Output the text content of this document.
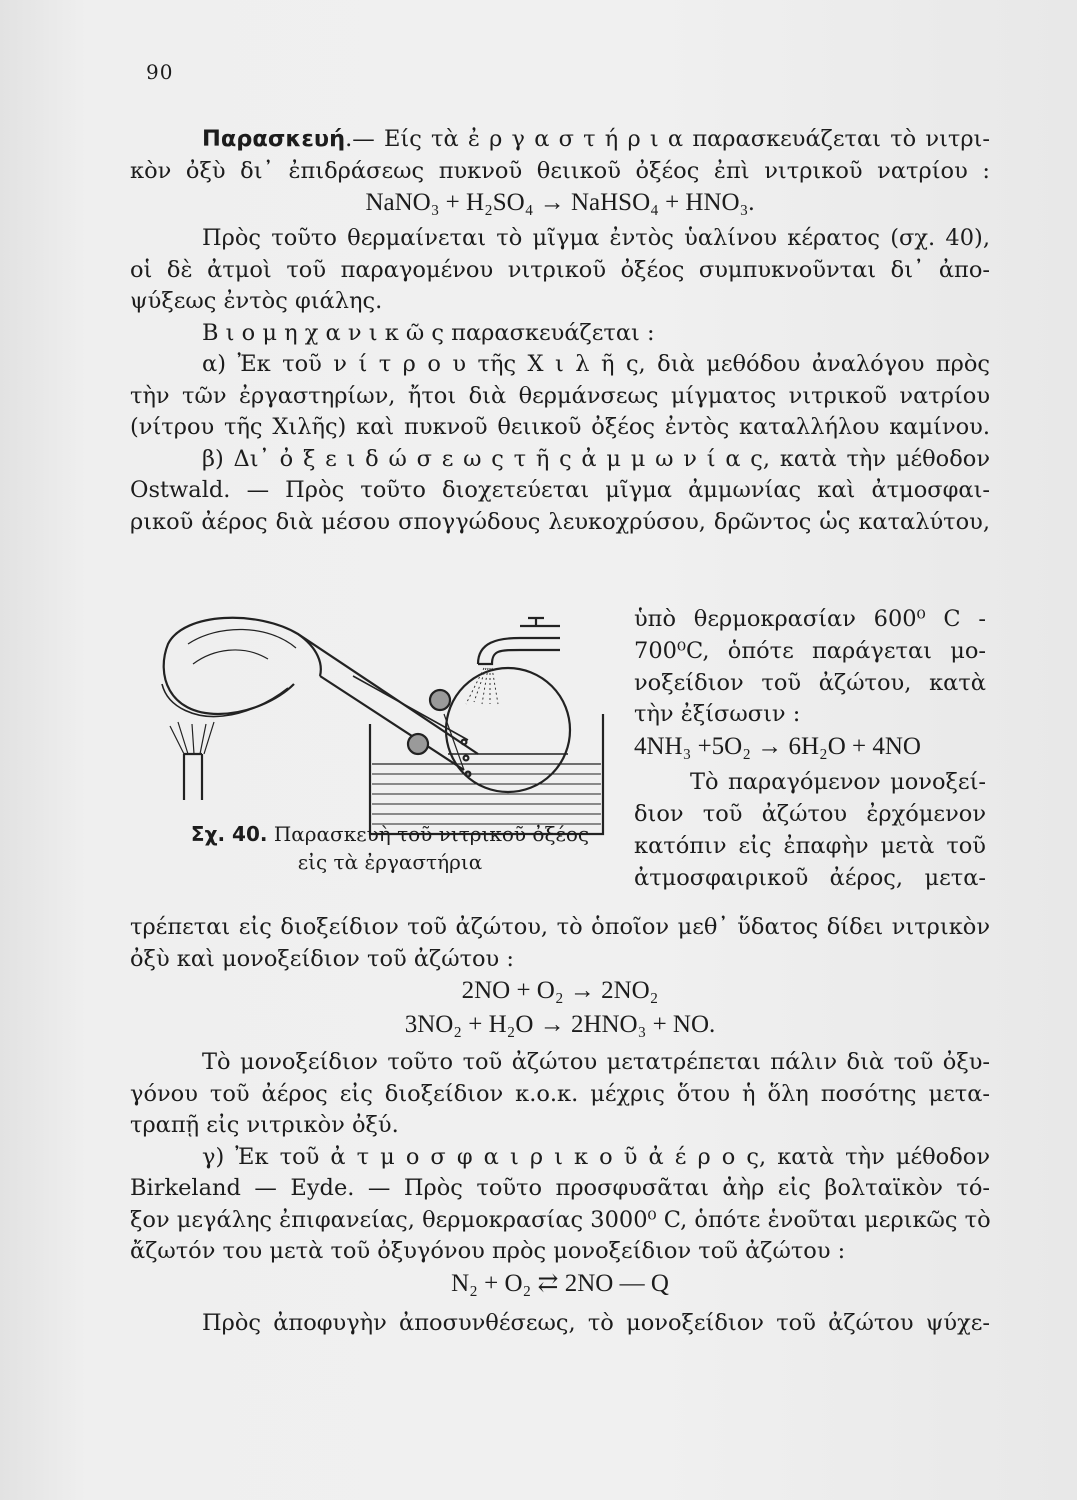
90
Παρασκευή.— Είς τὰ ἐ ρ γ α σ τ ή ρ ι α παρασκευάζεται τὸ νιτρι-
κὸν ὀξὺ δι᾽ ἐπιδράσεως πυκνοῦ θειικοῦ ὀξέος ἐπὶ νιτρικοῦ νατρίου :
NaNO₃ + H₂SO₄ → NaHSO₄ + HNO₃.
Πρὸς τοῦτο θερμαίνεται τὸ μῖγμα ἐντὸς ὑαλίνου κέρατος (σχ. 40),
οἱ δὲ ἀτμοὶ τοῦ παραγομένου νιτρικοῦ ὀξέος συμπυκνοῦνται δι᾽ ἀπο-
ψύξεως ἐντὸς φιάλης.
Β ι ο μ η χ α ν ι κ ῶ ς παρασκευάζεται :
α) Ἐκ τοῦ ν ί τ ρ ο υ τῆς Χ ι λ ῆ ς, διὰ μεθόδου ἀναλόγου πρὸς
τὴν τῶν ἐργαστηρίων, ἤτοι διὰ θερμάνσεως μίγματος νιτρικοῦ νατρίου
(νίτρου τῆς Χιλῆς) καὶ πυκνοῦ θειικοῦ ὀξέος ἐντὸς καταλλήλου καμίνου.
β) Δι᾽ ὀ ξ ε ι δ ώ σ ε ω ς τ ῆ ς ἀ μ μ ω ν ί α ς, κατὰ τὴν μέθοδον
Ostwald. — Πρὸς τοῦτο διοχετεύεται μῖγμα ἀμμωνίας καὶ ἀτμοσφαι-
ρικοῦ ἀέρος διὰ μέσου σπογγώδους λευκοχρύσου, δρῶντος ὡς καταλύτου,
Σχ. 40. Παρασκευὴ τοῦ νιτρικοῦ ὀξέος
εἰς τὰ ἐργαστήρια
ὑπὸ θερμοκρασίαν 600⁰ C -
700⁰C, ὁπότε παράγεται μο-
νοξείδιον τοῦ ἀζώτου, κατὰ
τὴν ἐξίσωσιν :
4NH₃ +5O₂ → 6H₂O + 4NO
Τὸ παραγόμενον μονοξεί-
διον τοῦ ἀζώτου ἐρχόμενον
κατόπιν εἰς ἐπαφὴν μετὰ τοῦ
ἀτμοσφαιρικοῦ ἀέρος, μετα-
τρέπεται εἰς διοξείδιον τοῦ ἀζώτου, τὸ ὁποῖον μεθ᾽ ὕδατος δίδει νιτρικὸν
ὀξὺ καὶ μονοξείδιον τοῦ ἀζώτου :
2NO + O₂ → 2NO₂
3NO₂ + H₂O → 2HNO₃ + NO.
Τὸ μονοξείδιον τοῦτο τοῦ ἀζώτου μετατρέπεται πάλιν διὰ τοῦ ὀξυ-
γόνου τοῦ ἀέρος εἰς διοξείδιον κ.ο.κ. μέχρις ὅτου ἡ ὅλη ποσότης μετα-
τραπῇ εἰς νιτρικὸν ὀξύ.
γ) Ἐκ τοῦ ἀ τ μ ο σ φ α ι ρ ι κ ο ῦ ἀ έ ρ ο ς, κατὰ τὴν μέθοδον
Birkeland — Eyde. — Πρὸς τοῦτο προσφυσᾶται ἀὴρ εἰς βολταϊκὸν τό-
ξον μεγάλης ἐπιφανείας, θερμοκρασίας 3000⁰ C, ὁπότε ἑνοῦται μερικῶς τὸ
ἄζωτόν του μετὰ τοῦ ὀξυγόνου πρὸς μονοξείδιον τοῦ ἀζώτου :
N₂ + O₂ ⇄ 2NO — Q
Πρὸς ἀποφυγὴν ἀποσυνθέσεως, τὸ μονοξείδιον τοῦ ἀζώτου ψύχε-
